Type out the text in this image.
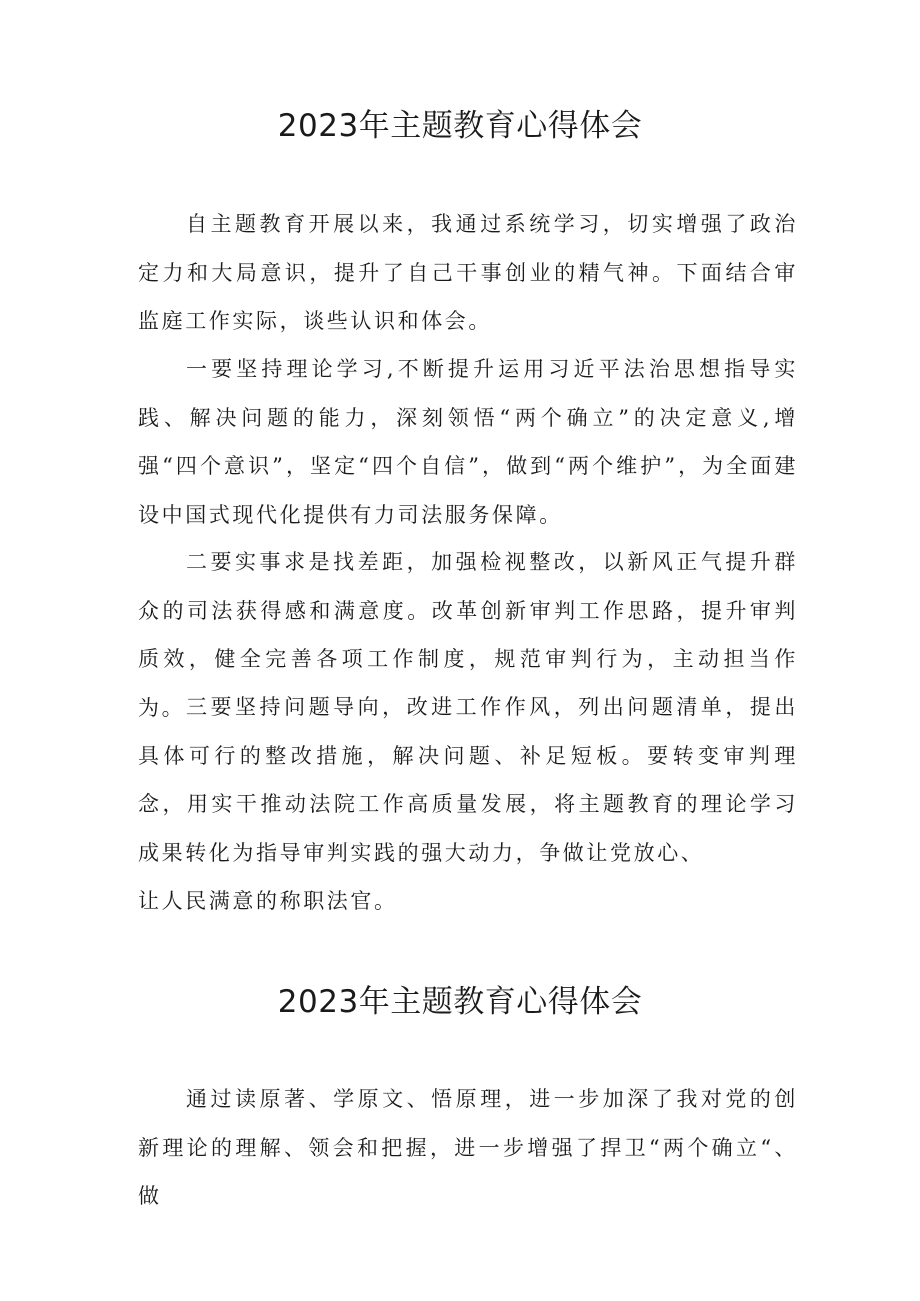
2023年主题教育心得体会

自主题教育开展以来，我通过系统学习，切实增强了政治定力和大局意识，提升了自己干事创业的精气神。下面结合审监庭工作实际，谈些认识和体会。

一要坚持理论学习,不断提升运用习近平法治思想指导实践、解决问题的能力，深刻领悟“两个确立”的决定意义,增强“四个意识”，坚定“四个自信”，做到“两个维护”，为全面建设中国式现代化提供有力司法服务保障。

二要实事求是找差距，加强检视整改，以新风正气提升群众的司法获得感和满意度。改革创新审判工作思路，提升审判质效，健全完善各项工作制度，规范审判行为，主动担当作为。 三要坚持问题导向，改进工作作风，列出问题清单，提出具体可行的整改措施，解决问题、补足短板。要转变审判理念，用实干推动法院工作高质量发展，将主题教育的理论学习成果转化为指导审判实践的强大动力，争做让党放心、

让人民满意的称职法官。

2023年主题教育心得体会

通过读原著、学原文、悟原理，进一步加深了我对党的创新理论的理解、领会和把握，进一步增强了捍卫“两个确立“、做
